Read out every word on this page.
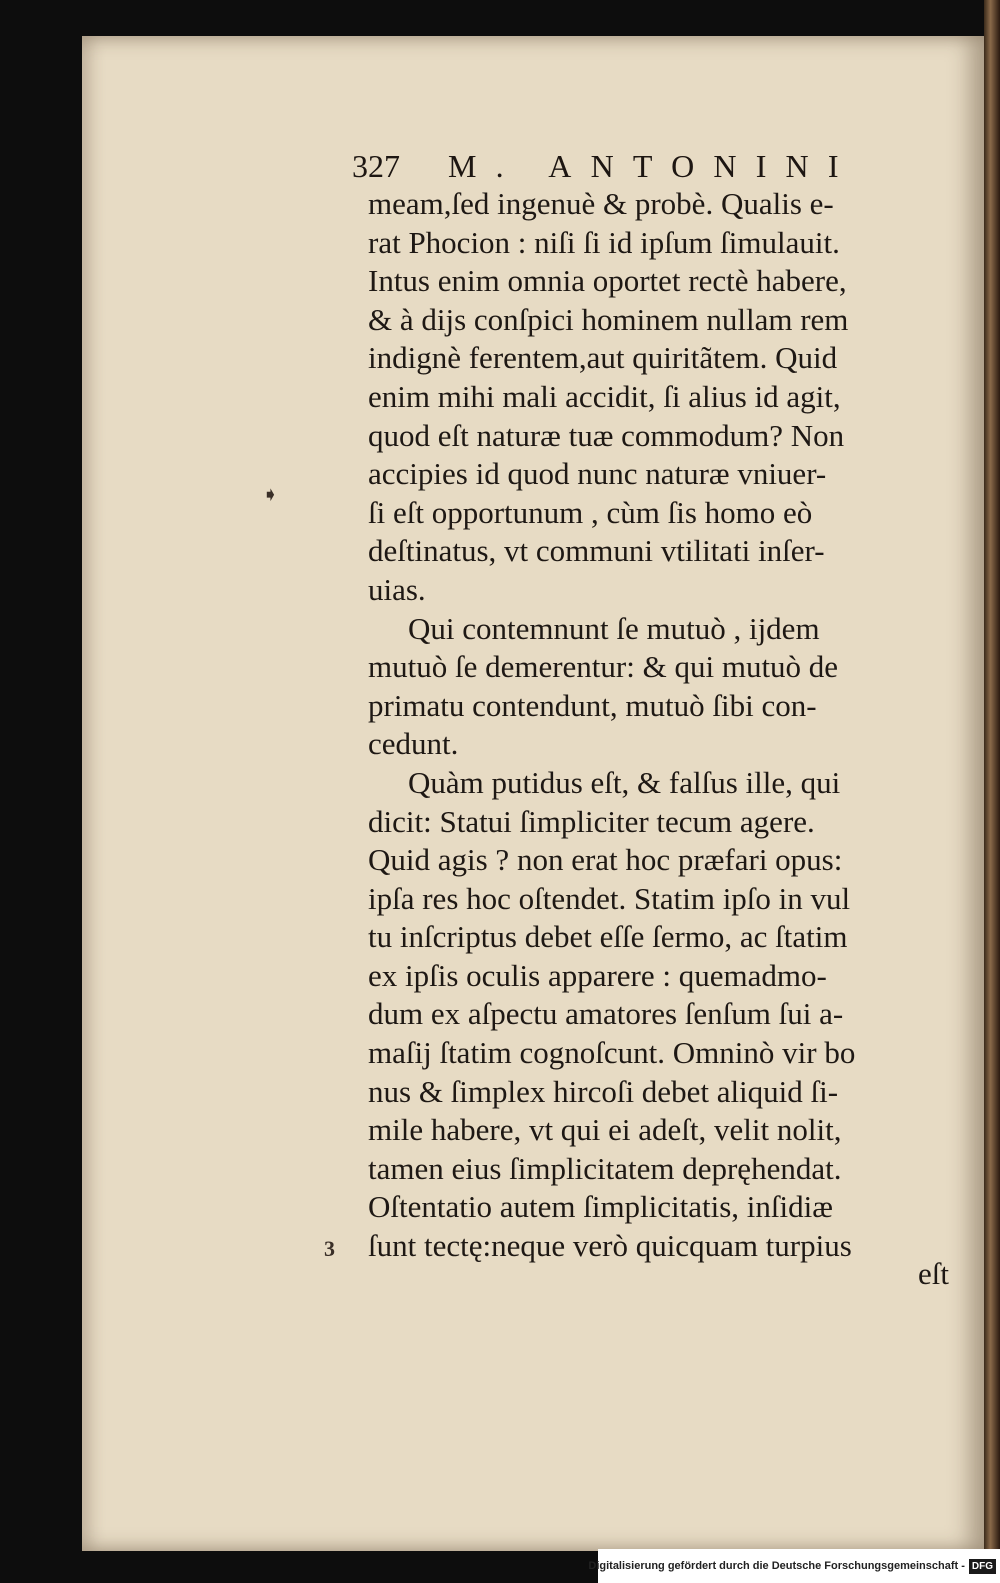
327 M. ANTONINI
meam,ſed ingenuè & probè. Qualis e-
rat Phocion : niſi ſi id ipſum ſimulauit.
Intus enim omnia oportet rectè habere,
& à dijs conſpici hominem nullam rem
indignè ferentem,aut quiritãtem. Quid
enim mihi mali accidit, ſi alius id agit,
quod eſt naturæ tuæ commodum? Non
accipies id quod nunc naturæ vniuer-
ſi eſt opportunum , cùm ſis homo eò
deſtinatus, vt communi vtilitati inſer-
uias.
Qui contemnunt ſe mutuò , ijdem
mutuò ſe demerentur: & qui mutuò de
primatu contendunt, mutuò ſibi con-
cedunt.
Quàm putidus eſt, & falſus ille, qui
dicit: Statui ſimpliciter tecum agere.
Quid agis ? non erat hoc præfari opus:
ipſa res hoc oſtendet. Statim ipſo in vul
tu inſcriptus debet eſſe ſermo, ac ſtatim
ex ipſis oculis apparere : quemadmo-
dum ex aſpectu amatores ſenſum ſui a-
maſij ſtatim cognoſcunt. Omninò vir bo
nus & ſimplex hircoſi debet aliquid ſi-
mile habere, vt qui ei adeſt, velit nolit,
tamen eius ſimplicitatem depręhendat.
Oſtentatio autem ſimplicitatis, inſidiæ
ſunt tectę:neque verò quicquam turpius
eſt
➧
3
Digitalisierung gefördert durch die Deutsche Forschungsgemeinschaft - DFG
